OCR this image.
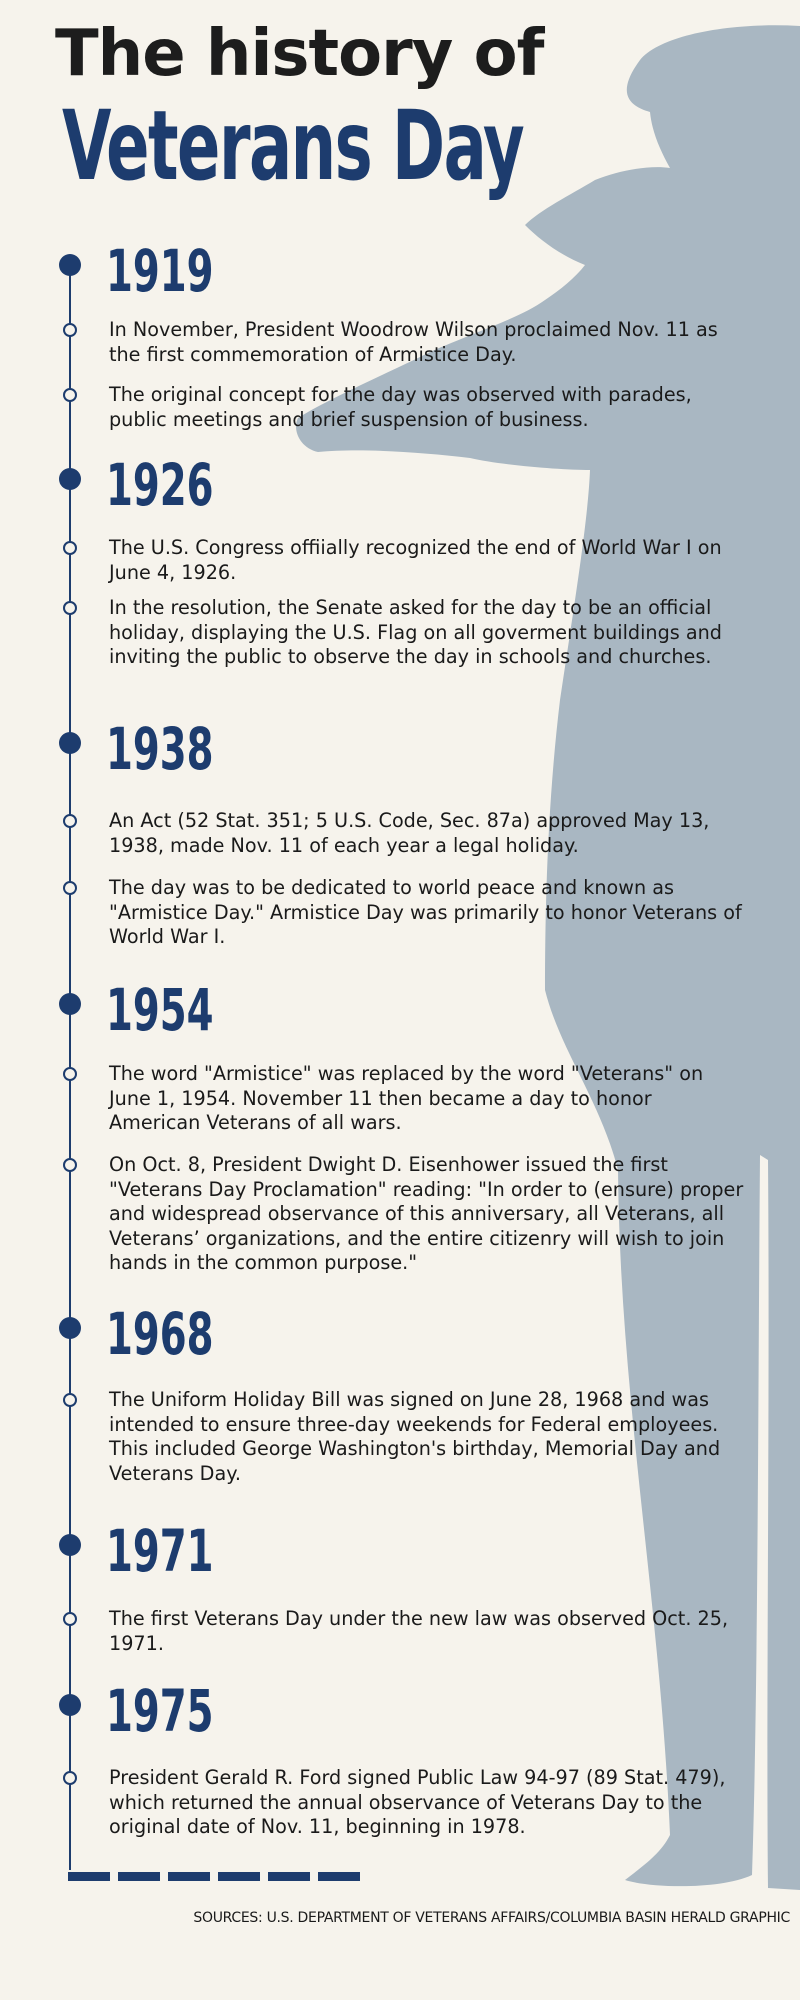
The history of
Veterans Day
1919

In November, President Woodrow Wilson proclaimed Nov. 11 as the first commemoration of Armistice Day.

The original concept for the day was observed with parades, public meetings and brief suspension of business.

1926

The U.S. Congress offiially recognized the end of World War I on June 4, 1926.

In the resolution, the Senate asked for the day to be an official holiday, displaying the U.S. Flag on all goverment buildings and inviting the public to observe the day in schools and churches.

1938

An Act (52 Stat. 351; 5 U.S. Code, Sec. 87a) approved May 13, 1938, made Nov. 11 of each year a legal holiday.

The day was to be dedicated to world peace and known as "Armistice Day." Armistice Day was primarily to honor Veterans of World War I.

1954

The word "Armistice" was replaced by the word "Veterans" on June 1, 1954. November 11 then became a day to honor American Veterans of all wars.

On Oct. 8, President Dwight D. Eisenhower issued the first "Veterans Day Proclamation" reading: "In order to (ensure) proper and widespread observance of this anniversary, all Veterans, all Veterans’ organizations, and the entire citizenry will wish to join hands in the common purpose."

1968

The Uniform Holiday Bill was signed on June 28, 1968 and was intended to ensure three-day weekends for Federal employees. This included George Washington's birthday, Memorial Day and Veterans Day.

1971

The first Veterans Day under the new law was observed Oct. 25, 1971.

1975

President Gerald R. Ford signed Public Law 94-97 (89 Stat. 479), which returned the annual observance of Veterans Day to the original date of Nov. 11, beginning in 1978.

SOURCES: U.S. DEPARTMENT OF VETERANS AFFAIRS/COLUMBIA BASIN HERALD GRAPHIC
